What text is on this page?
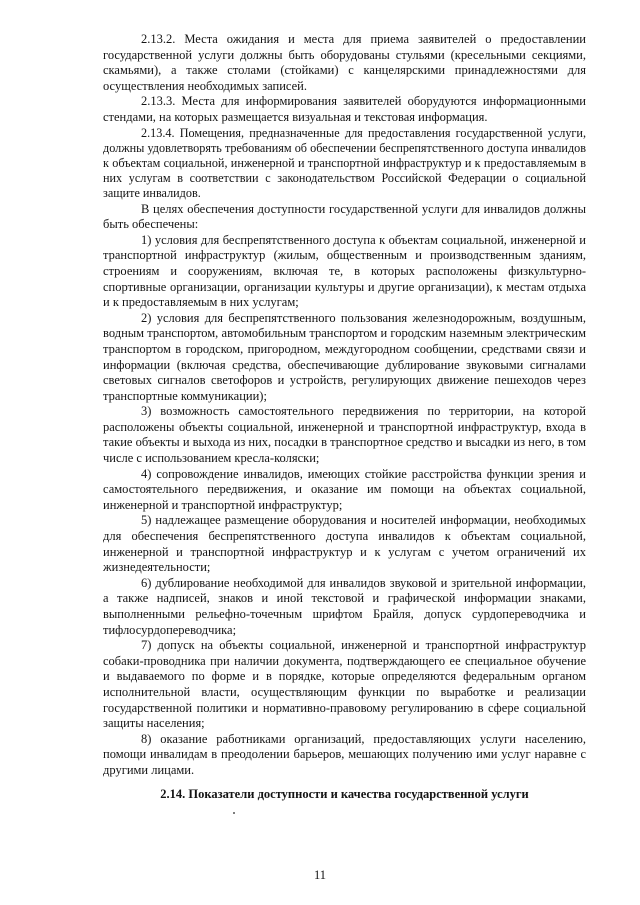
2.13.2. Места ожидания и места для приема заявителей о предоставлении государственной услуги должны быть оборудованы стульями (кресельными секциями, скамьями), а также столами (стойками) с канцелярскими принадлежностями для осуществления необходимых записей.

2.13.3. Места для информирования заявителей оборудуются информационными стендами, на которых размещается визуальная и текстовая информация.

2.13.4. Помещения, предназначенные для предоставления государственной услуги, должны удовлетворять требованиям об обеспечении беспрепятственного доступа инвалидов к объектам социальной, инженерной и транспортной инфраструктур и к предоставляемым в них услугам в соответствии с законодательством Российской Федерации о социальной защите инвалидов.

В целях обеспечения доступности государственной услуги для инвалидов должны быть обеспечены:

1) условия для беспрепятственного доступа к объектам социальной, инженерной и транспортной инфраструктур (жилым, общественным и производственным зданиям, строениям и сооружениям, включая те, в которых расположены физкультурно-спортивные организации, организации культуры и другие организации), к местам отдыха и к предоставляемым в них услугам;

2) условия для беспрепятственного пользования железнодорожным, воздушным, водным транспортом, автомобильным транспортом и городским наземным электрическим транспортом в городском, пригородном, междугородном сообщении, средствами связи и информации (включая средства, обеспечивающие дублирование звуковыми сигналами световых сигналов светофоров и устройств, регулирующих движение пешеходов через транспортные коммуникации);

3) возможность самостоятельного передвижения по территории, на которой расположены объекты социальной, инженерной и транспортной инфраструктур, входа в такие объекты и выхода из них, посадки в транспортное средство и высадки из него, в том числе с использованием кресла-коляски;

4) сопровождение инвалидов, имеющих стойкие расстройства функции зрения и самостоятельного передвижения, и оказание им помощи на объектах социальной, инженерной и транспортной инфраструктур;

5) надлежащее размещение оборудования и носителей информации, необходимых для обеспечения беспрепятственного доступа инвалидов к объектам социальной, инженерной и транспортной инфраструктур и к услугам с учетом ограничений их жизнедеятельности;

6) дублирование необходимой для инвалидов звуковой и зрительной информации, а также надписей, знаков и иной текстовой и графической информации знаками, выполненными рельефно-точечным шрифтом Брайля, допуск сурдопереводчика и тифлосурдопереводчика;

7) допуск на объекты социальной, инженерной и транспортной инфраструктур собаки-проводника при наличии документа, подтверждающего ее специальное обучение и выдаваемого по форме и в порядке, которые определяются федеральным органом исполнительной власти, осуществляющим функции по выработке и реализации государственной политики и нормативно-правовому регулированию в сфере социальной защиты населения;

8) оказание работниками организаций, предоставляющих услуги населению, помощи инвалидам в преодолении барьеров, мешающих получению ими услуг наравне с другими лицами.

2.14. Показатели доступности и качества государственной услуги

11
